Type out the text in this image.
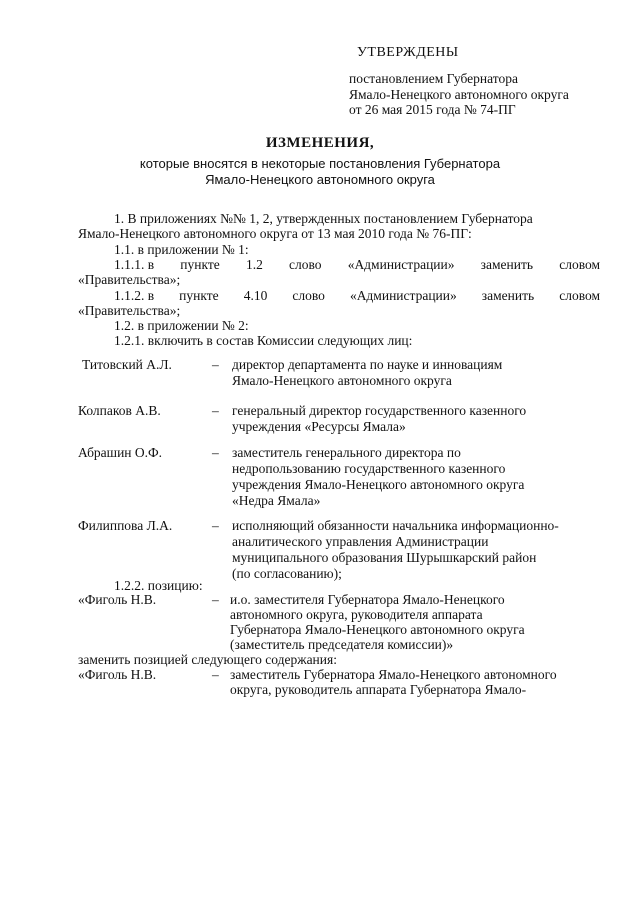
УТВЕРЖДЕНЫ
постановлением Губернатора
Ямало-Ненецкого автономного округа
от 26 мая 2015 года № 74-ПГ
ИЗМЕНЕНИЯ,
которые вносятся в некоторые постановления Губернатора
Ямало-Ненецкого автономного округа
1. В приложениях №№ 1, 2, утвержденных постановлением Губернатора
Ямало-Ненецкого автономного округа от 13 мая 2010 года № 76-ПГ:
1.1. в приложении № 1:
1.1.1. в пункте 1.2 слово «Администрации» заменить словом
«Правительства»;
1.1.2. в пункте 4.10 слово «Администрации» заменить словом
«Правительства»;
1.2. в приложении № 2:
1.2.1. включить в состав Комиссии следующих лиц:
Титовский А.Л.	– директор департамента по науке и инновациям
Ямало-Ненецкого автономного округа
Колпаков А.В.	– генеральный директор государственного казенного
учреждения «Ресурсы Ямала»
Абрашин О.Ф.	– заместитель генерального директора по
недропользованию государственного казенного
учреждения Ямало-Ненецкого автономного округа
«Недра Ямала»
Филиппова Л.А.	– исполняющий обязанности начальника информационно-
аналитического управления Администрации
муниципального образования Шурышкарский район
(по согласованию);
1.2.2. позицию:
«Фиголь Н.В.	– и.о. заместителя Губернатора Ямало-Ненецкого
автономного округа, руководителя аппарата
Губернатора Ямало-Ненецкого автономного округа
(заместитель председателя комиссии)»
заменить позицией следующего содержания:
«Фиголь Н.В.	– заместитель Губернатора Ямало-Ненецкого автономного
округа, руководитель аппарата Губернатора Ямало-
